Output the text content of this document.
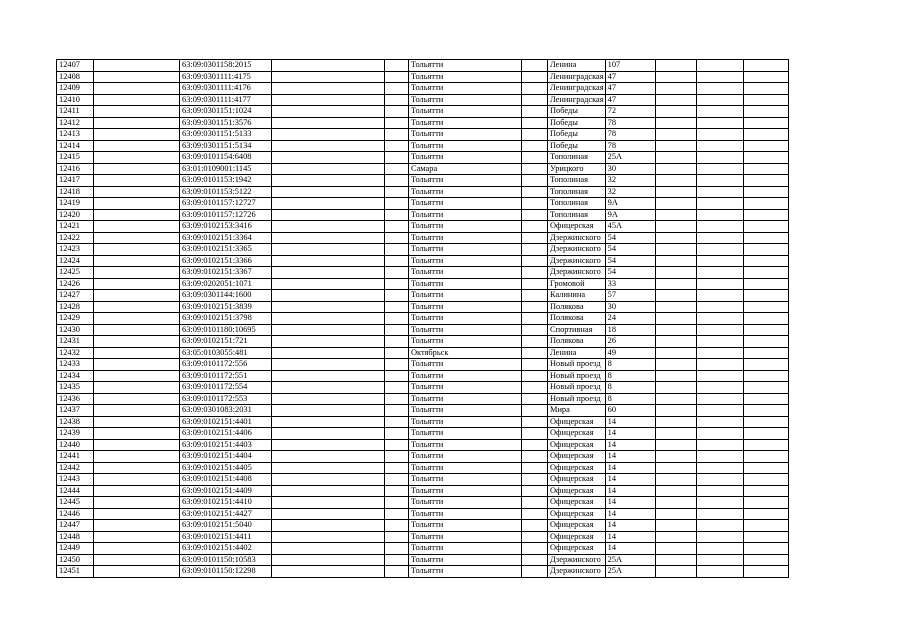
12407		63:09:0301158:2015			Тольятти		Ленина	107			
12408		63:09:0301111:4175			Тольятти		Ленинградская	47			
12409		63:09:0301111:4176			Тольятти		Ленинградская	47			
12410		63:09:0301111:4177			Тольятти		Ленинградская	47			
12411		63:09:0301151:1024			Тольятти		Победы	72			
12412		63:09:0301151:3576			Тольятти		Победы	78			
12413		63:09:0301151:5133			Тольятти		Победы	78			
12414		63:09:0301151:5134			Тольятти		Победы	78			
12415		63:09:0101154:6408			Тольятти		Тополиная	25А			
12416		63:01:0109001:1145			Самара		Урицкого	30			
12417		63:09:0101153:1942			Тольятти		Тополиная	32			
12418		63:09:0101153:5122			Тольятти		Тополиная	32			
12419		63:09:0101157:12727			Тольятти		Тополиная	9А			
12420		63:09:0101157:12726			Тольятти		Тополиная	9А			
12421		63:09:0102153:3416			Тольятти		Офицерская	45А			
12422		63:09:0102151:3364			Тольятти		Дзержинского	54			
12423		63:09:0102151:3365			Тольятти		Дзержинского	54			
12424		63:09:0102151:3366			Тольятти		Дзержинского	54			
12425		63:09:0102151:3367			Тольятти		Дзержинского	54			
12426		63:09:0202051:1071			Тольятти		Громовой	33			
12427		63:09:0301144:1600			Тольятти		Калинина	57			
12428		63:09:0102151:3839			Тольятти		Полякова	30			
12429		63:09:0102151:3798			Тольятти		Полякова	24			
12430		63:09:0101180:10695			Тольятти		Спортивная	18			
12431		63:09:0102151:721			Тольятти		Полякова	26			
12432		63:05:0103055:481			Октябрьск		Ленина	49			
12433		63:09:0101172:556			Тольятти		Новый проезд	8			
12434		63:09:0101172:551			Тольятти		Новый проезд	8			
12435		63:09:0101172:554			Тольятти		Новый проезд	8			
12436		63:09:0101172:553			Тольятти		Новый проезд	8			
12437		63:09:0301083:2031			Тольятти		Мира	60			
12438		63:09:0102151:4401			Тольятти		Офицерская	14			
12439		63:09:0102151:4406			Тольятти		Офицерская	14			
12440		63:09:0102151:4403			Тольятти		Офицерская	14			
12441		63:09:0102151:4404			Тольятти		Офицерская	14			
12442		63:09:0102151:4405			Тольятти		Офицерская	14			
12443		63:09:0102151:4408			Тольятти		Офицерская	14			
12444		63:09:0102151:4409			Тольятти		Офицерская	14			
12445		63:09:0102151:4410			Тольятти		Офицерская	14			
12446		63:09:0102151:4427			Тольятти		Офицерская	14			
12447		63:09:0102151:5040			Тольятти		Офицерская	14			
12448		63:09:0102151:4411			Тольятти		Офицерская	14			
12449		63:09:0102151:4402			Тольятти		Офицерская	14			
12450		63:09:0101150:10583			Тольятти		Дзержинского	25А			
12451		63:09:0101150:12298			Тольятти		Дзержинского	25А			
